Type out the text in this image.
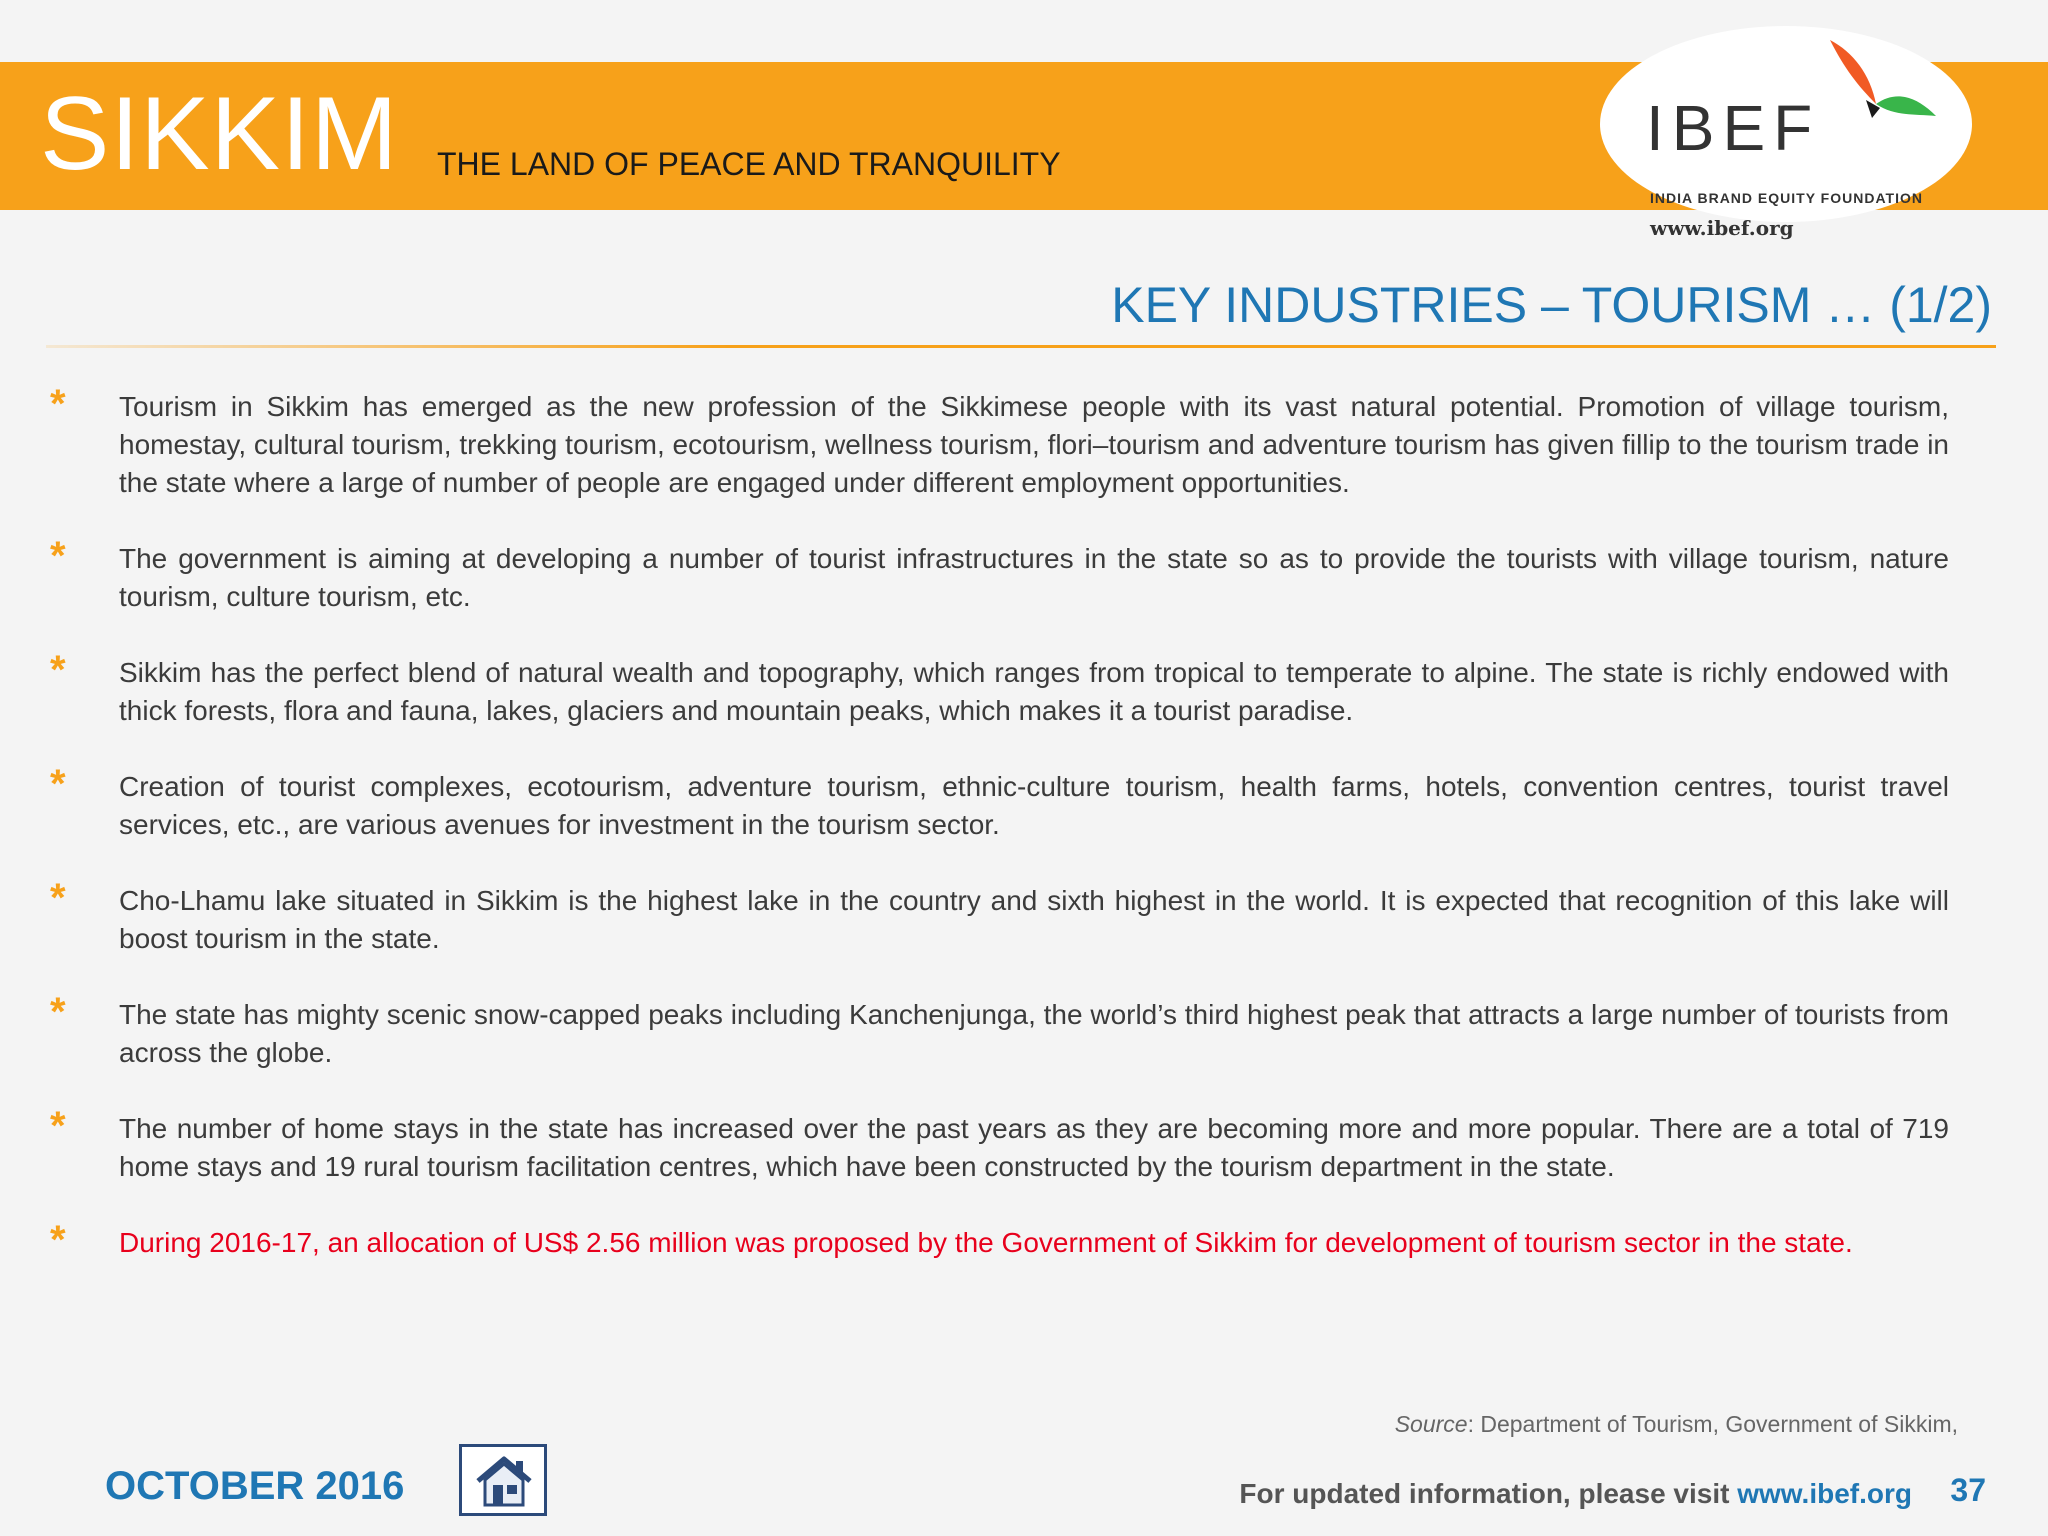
SIKKIM THE LAND OF PEACE AND TRANQUILITY	IBEF
INDIA BRAND EQUITY FOUNDATION
www.ibef.org
KEY INDUSTRIES – TOURISM … (1/2)
* Tourism in Sikkim has emerged as the new profession of the Sikkimese people with its vast natural potential. Promotion of village tourism, homestay, cultural tourism, trekking tourism, ecotourism, wellness tourism, flori–tourism and adventure tourism has given fillip to the tourism trade in the state where a large of number of people are engaged under different employment opportunities.
* The government is aiming at developing a number of tourist infrastructures in the state so as to provide the tourists with village tourism, nature tourism, culture tourism, etc.
* Sikkim has the perfect blend of natural wealth and topography, which ranges from tropical to temperate to alpine. The state is richly endowed with thick forests, flora and fauna, lakes, glaciers and mountain peaks, which makes it a tourist paradise.
* Creation of tourist complexes, ecotourism, adventure tourism, ethnic-culture tourism, health farms, hotels, convention centres, tourist travel services, etc., are various avenues for investment in the tourism sector.
* Cho-Lhamu lake situated in Sikkim is the highest lake in the country and sixth highest in the world. It is expected that recognition of this lake will boost tourism in the state.
* The state has mighty scenic snow-capped peaks including Kanchenjunga, the world’s third highest peak that attracts a large number of tourists from across the globe.
* The number of home stays in the state has increased over the past years as they are becoming more and more popular. There are a total of 719 home stays and 19 rural tourism facilitation centres, which have been constructed by the tourism department in the state.
* During 2016-17, an allocation of US$ 2.56 million was proposed by the Government of Sikkim for development of tourism sector in the state.
Source: Department of Tourism, Government of Sikkim,
OCTOBER 2016	For updated information, please visit www.ibef.org 37
